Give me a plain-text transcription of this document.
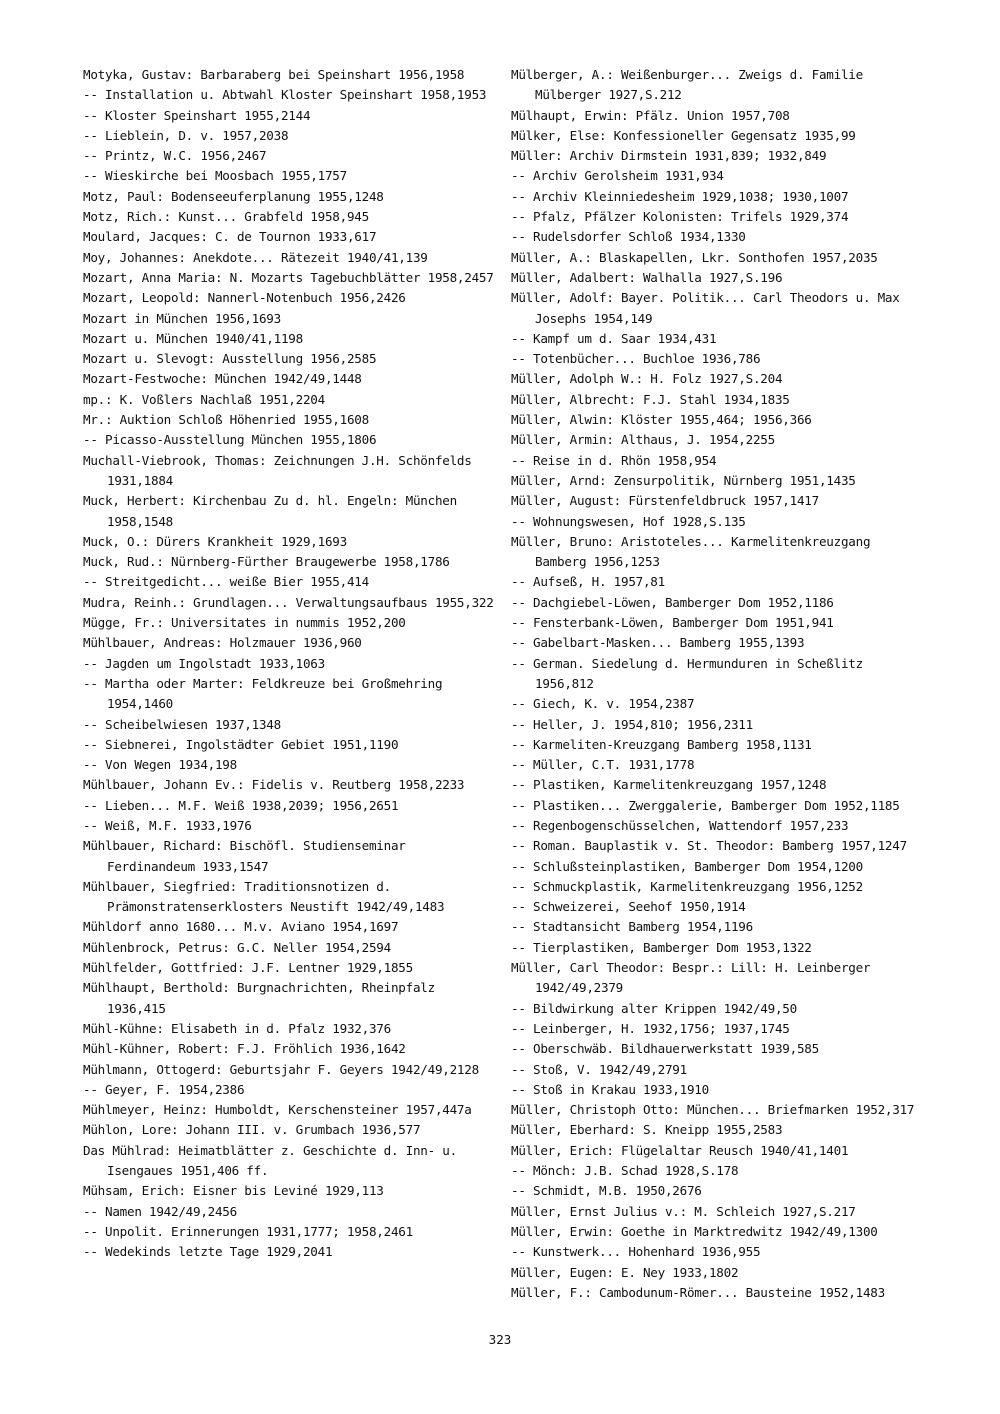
Motyka, Gustav: Barbaraberg bei Speinshart 1956,1958

-- Installation u. Abtwahl Kloster Speinshart 1958,1953

-- Kloster Speinshart 1955,2144

-- Lieblein, D. v. 1957,2038

-- Printz, W.C. 1956,2467

-- Wieskirche bei Moosbach 1955,1757

Motz, Paul: Bodenseeuferplanung 1955,1248

Motz, Rich.: Kunst... Grabfeld 1958,945

Moulard, Jacques: C. de Tournon 1933,617

Moy, Johannes: Anekdote... Rätezeit 1940/41,139

Mozart, Anna Maria: N. Mozarts Tagebuchblätter 1958,2457

Mozart, Leopold: Nannerl-Notenbuch 1956,2426

Mozart in München 1956,1693

Mozart u. München 1940/41,1198

Mozart u. Slevogt: Ausstellung 1956,2585

Mozart-Festwoche: München 1942/49,1448

mp.: K. Voßlers Nachlaß 1951,2204

Mr.: Auktion Schloß Höhenried 1955,1608

-- Picasso-Ausstellung München 1955,1806

Muchall-Viebrook, Thomas: Zeichnungen J.H. Schönfelds 1931,1884

Muck, Herbert: Kirchenbau Zu d. hl. Engeln: München 1958,1548

Muck, O.: Dürers Krankheit 1929,1693

Muck, Rud.: Nürnberg-Fürther Braugewerbe 1958,1786

-- Streitgedicht... weiße Bier 1955,414

Mudra, Reinh.: Grundlagen... Verwaltungsaufbaus 1955,322

Mügge, Fr.: Universitates in nummis 1952,200

Mühlbauer, Andreas: Holzmauer 1936,960

-- Jagden um Ingolstadt 1933,1063

-- Martha oder Marter: Feldkreuze bei Großmehring 1954,1460

-- Scheibelwiesen 1937,1348

-- Siebnerei, Ingolstädter Gebiet 1951,1190

-- Von Wegen 1934,198

Mühlbauer, Johann Ev.: Fidelis v. Reutberg 1958,2233

-- Lieben... M.F. Weiß 1938,2039; 1956,2651

-- Weiß, M.F. 1933,1976

Mühlbauer, Richard: Bischöfl. Studienseminar Ferdinandeum 1933,1547

Mühlbauer, Siegfried: Traditionsnotizen d. Prämonstratenserklosters Neustift 1942/49,1483

Mühldorf anno 1680... M.v. Aviano 1954,1697

Mühlenbrock, Petrus: G.C. Neller 1954,2594

Mühlfelder, Gottfried: J.F. Lentner 1929,1855

Mühlhaupt, Berthold: Burgnachrichten, Rheinpfalz 1936,415

Mühl-Kühne: Elisabeth in d. Pfalz 1932,376

Mühl-Kühner, Robert: F.J. Fröhlich 1936,1642

Mühlmann, Ottogerd: Geburtsjahr F. Geyers 1942/49,2128

-- Geyer, F. 1954,2386

Mühlmeyer, Heinz: Humboldt, Kerschensteiner 1957,447a

Mühlon, Lore: Johann III. v. Grumbach 1936,577

Das Mühlrad: Heimatblätter z. Geschichte d. Inn- u. Isengaues 1951,406 ff.

Mühsam, Erich: Eisner bis Leviné 1929,113

-- Namen 1942/49,2456

-- Unpolit. Erinnerungen 1931,1777; 1958,2461

-- Wedekinds letzte Tage 1929,2041

Mülberger, A.: Weißenburger... Zweigs d. Familie Mülberger 1927,S.212

Mülhaupt, Erwin: Pfälz. Union 1957,708

Mülker, Else: Konfessioneller Gegensatz 1935,99

Müller: Archiv Dirmstein 1931,839; 1932,849

-- Archiv Gerolsheim 1931,934

-- Archiv Kleinniedesheim 1929,1038; 1930,1007

-- Pfalz, Pfälzer Kolonisten: Trifels 1929,374

-- Rudelsdorfer Schloß 1934,1330

Müller, A.: Blaskapellen, Lkr. Sonthofen 1957,2035

Müller, Adalbert: Walhalla 1927,S.196

Müller, Adolf: Bayer. Politik... Carl Theodors u. Max Josephs 1954,149

-- Kampf um d. Saar 1934,431

-- Totenbücher... Buchloe 1936,786

Müller, Adolph W.: H. Folz 1927,S.204

Müller, Albrecht: F.J. Stahl 1934,1835

Müller, Alwin: Klöster 1955,464; 1956,366

Müller, Armin: Althaus, J. 1954,2255

-- Reise in d. Rhön 1958,954

Müller, Arnd: Zensurpolitik, Nürnberg 1951,1435

Müller, August: Fürstenfeldbruck 1957,1417

-- Wohnungswesen, Hof 1928,S.135

Müller, Bruno: Aristoteles... Karmelitenkreuzgang Bamberg 1956,1253

-- Aufseß, H. 1957,81

-- Dachgiebel-Löwen, Bamberger Dom 1952,1186

-- Fensterbank-Löwen, Bamberger Dom 1951,941

-- Gabelbart-Masken... Bamberg 1955,1393

-- German. Siedelung d. Hermunduren in Scheßlitz 1956,812

-- Giech, K. v. 1954,2387

-- Heller, J. 1954,810; 1956,2311

-- Karmeliten-Kreuzgang Bamberg 1958,1131

-- Müller, C.T. 1931,1778

-- Plastiken, Karmelitenkreuzgang 1957,1248

-- Plastiken... Zwerggalerie, Bamberger Dom 1952,1185

-- Regenbogenschüsselchen, Wattendorf 1957,233

-- Roman. Bauplastik v. St. Theodor: Bamberg 1957,1247

-- Schlußsteinplastiken, Bamberger Dom 1954,1200

-- Schmuckplastik, Karmelitenkreuzgang 1956,1252

-- Schweizerei, Seehof 1950,1914

-- Stadtansicht Bamberg 1954,1196

-- Tierplastiken, Bamberger Dom 1953,1322

Müller, Carl Theodor: Bespr.: Lill: H. Leinberger 1942/49,2379

-- Bildwirkung alter Krippen 1942/49,50

-- Leinberger, H. 1932,1756; 1937,1745

-- Oberschwäb. Bildhauerwerkstatt 1939,585

-- Stoß, V. 1942/49,2791

-- Stoß in Krakau 1933,1910

Müller, Christoph Otto: München... Briefmarken 1952,317

Müller, Eberhard: S. Kneipp 1955,2583

Müller, Erich: Flügelaltar Reusch 1940/41,1401

-- Mönch: J.B. Schad 1928,S.178

-- Schmidt, M.B. 1950,2676

Müller, Ernst Julius v.: M. Schleich 1927,S.217

Müller, Erwin: Goethe in Marktredwitz 1942/49,1300

-- Kunstwerk... Hohenhard 1936,955

Müller, Eugen: E. Ney 1933,1802

Müller, F.: Cambodunum-Römer... Bausteine 1952,1483

323
